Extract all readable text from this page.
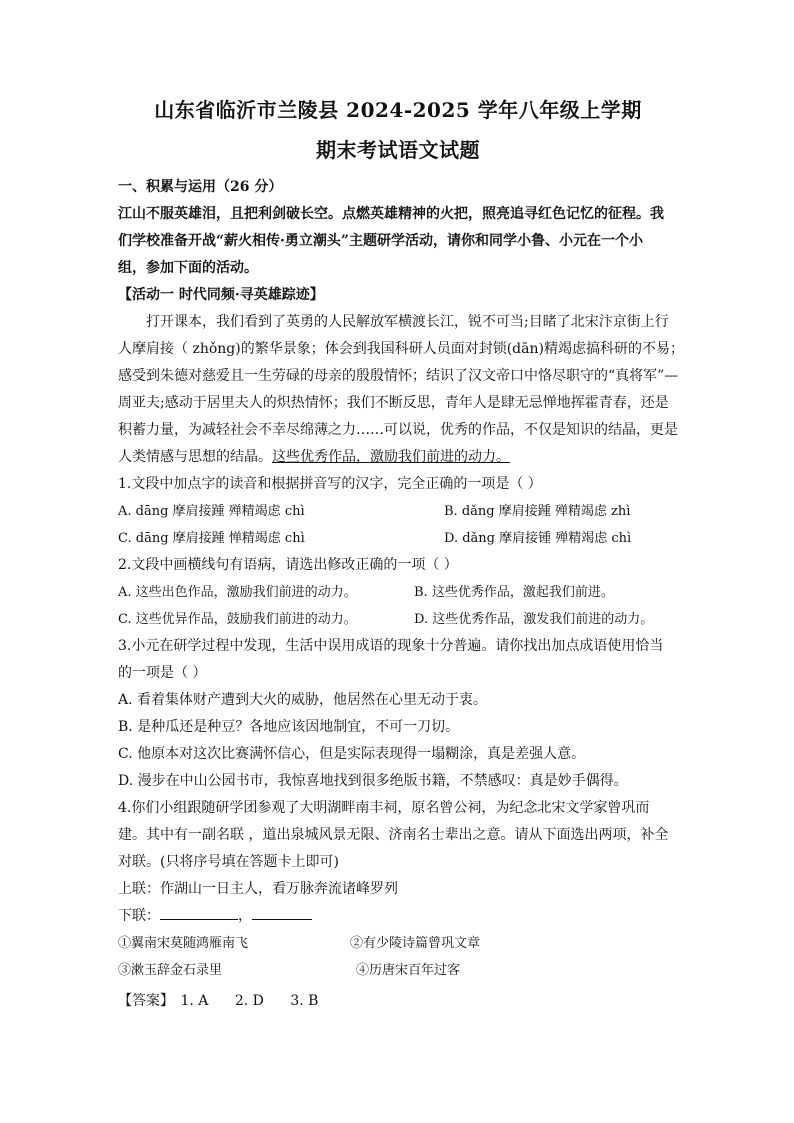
山东省临沂市兰陵县 2024-2025 学年八年级上学期
期末考试语文试题

一、积累与运用（26 分）

江山不服英雄泪，且把利剑破长空。点燃英雄精神的火把，照亮追寻红色记忆的征程。我

们学校准备开战“薪火相传·勇立潮头”主题研学活动，请你和同学小鲁、小元在一个小

组，参加下面的活动。

【活动一 时代同频·寻英雄踪迹】

打开课本，我们看到了英勇的人民解放军横渡长江，锐不可当;目睹了北宋汴京街上行

人摩肩接（ zhǒng)的繁华景象；体会到我国科研人员面对封锁(dān)精竭虑搞科研的不易；

感受到朱德对慈爱且一生劳碌的母亲的殷殷情怀；结识了汉文帝口中恪尽职守的“真将军”—

周亚夫;感动于居里夫人的炽热情怀；我们不断反思，青年人是肆无忌惮地挥霍青春，还是

积蓄力量，为减轻社会不幸尽绵薄之力……可以说，优秀的作品，不仅是知识的结晶，更是

人类情感与思想的结晶。这些优秀作品，激励我们前进的动力。

1.文段中加点字的读音和根据拼音写的汉字，完全正确的一项是（ ）

A. dāng 摩肩接踵 殚精竭虑 chì	B. dǎng 摩肩接踵 殚精竭虑 zhì
C. dāng 摩肩接踵 惮精竭虑 chì	D. dǎng 摩肩接锺 殚精竭虑 chì

2.文段中画横线句有语病，请选出修改正确的一项（ ）

A. 这些出色作品，激励我们前进的动力。	B. 这些优秀作品，激起我们前进。
C. 这些优异作品，鼓励我们前进的动力。	D. 这些优秀作品，激发我们前进的动力。

3.小元在研学过程中发现，生活中误用成语的现象十分普遍。请你找出加点成语使用恰当

的一项是（ ）

A. 看着集体财产遭到大火的威胁，他居然在心里无动于衷。

B. 是种瓜还是种豆？各地应该因地制宜，不可一刀切。

C. 他原本对这次比赛满怀信心，但是实际表现得一塌糊涂，真是差强人意。

D. 漫步在中山公园书市，我惊喜地找到很多绝版书籍，不禁感叹：真是妙手偶得。

4.你们小组跟随研学团参观了大明湖畔南丰祠，原名曾公祠，为纪念北宋文学家曾巩而

建。其中有一副名联 ，道出泉城风景无限、济南名士辈出之意。请从下面选出两项，补全

对联。(只将序号填在答题卡上即可)

上联：作湖山一日主人，看万脉奔流诸峰罗列

下联：	，

①翼南宋莫随鸿雁南飞	②有少陵诗篇曾巩文章
③漱玉辞金石录里	④历唐宋百年过客
【答案】 1. A 2. D 3. B
